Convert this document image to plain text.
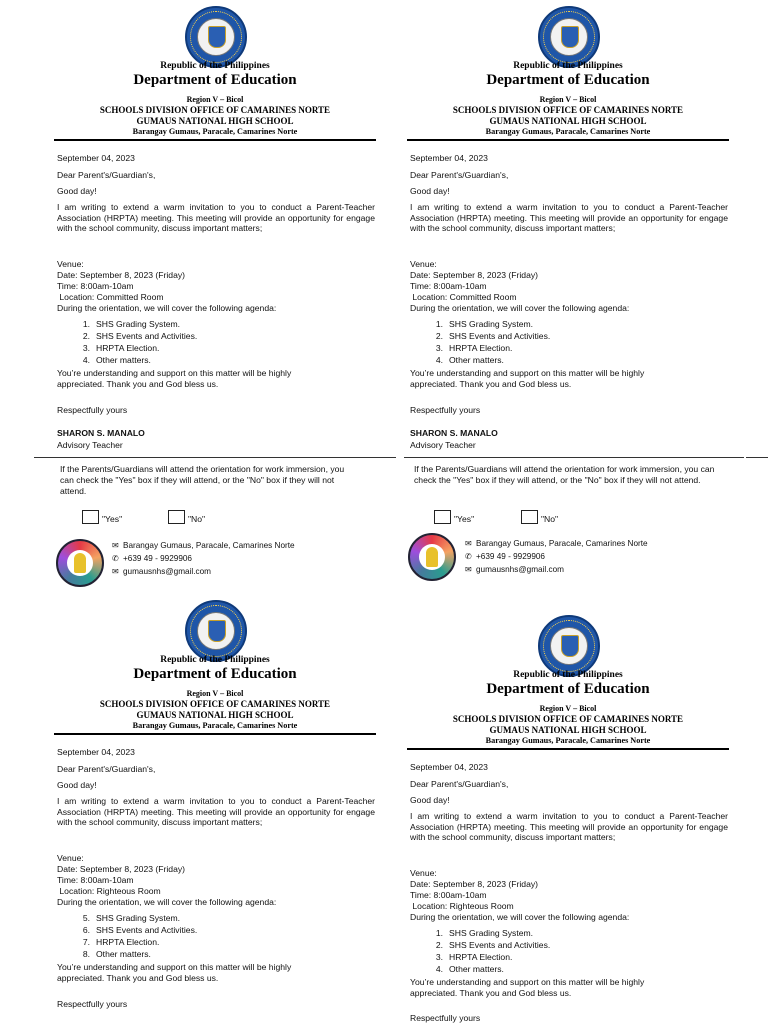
Republic of the Philippines
Department of Education
Region V – Bicol
SCHOOLS DIVISION OFFICE OF CAMARINES NORTE
GUMAUS NATIONAL HIGH SCHOOL
Barangay Gumaus, Paracale, Camarines Norte
September 04, 2023
Dear Parent's/Guardian's,
Good day!
I am writing to extend a warm invitation to you to conduct a Parent-Teacher Association (HRPTA) meeting. This meeting will provide an opportunity for engage with the school community, discuss important matters;
Venue:
Date: September 8, 2023 (Friday)
Time: 8:00am-10am
Location: Committed Room
During the orientation, we will cover the following agenda:
1. SHS Grading System.
2. SHS Events and Activities.
3. HRPTA Election.
4. Other matters.
You’re understanding and support on this matter will be highly appreciated. Thank you and God bless us.
Respectfully yours
SHARON S. MANALO
Advisory Teacher
If the Parents/Guardians will attend the orientation for work immersion, you can check the "Yes" box if they will attend, or the "No" box if they will not attend.
"Yes"	"No"
✉ Barangay Gumaus, Paracale, Camarines Norte
✆ +639 49 - 9929906
✉ gumausnhs@gmail.com
Republic of the Philippines
Department of Education
Region V – Bicol
SCHOOLS DIVISION OFFICE OF CAMARINES NORTE
GUMAUS NATIONAL HIGH SCHOOL
Barangay Gumaus, Paracale, Camarines Norte
September 04, 2023
Dear Parent's/Guardian's,
Good day!
I am writing to extend a warm invitation to you to conduct a Parent-Teacher Association (HRPTA) meeting. This meeting will provide an opportunity for engage with the school community, discuss important matters;
Venue:
Date: September 8, 2023 (Friday)
Time: 8:00am-10am
Location: Committed Room
During the orientation, we will cover the following agenda:
1. SHS Grading System.
2. SHS Events and Activities.
3. HRPTA Election.
4. Other matters.
You’re understanding and support on this matter will be highly appreciated. Thank you and God bless us.
Respectfully yours
SHARON S. MANALO
Advisory Teacher
If the Parents/Guardians will attend the orientation for work immersion, you can check the "Yes" box if they will attend, or the "No" box if they will not attend.
"Yes"	"No"
✉ Barangay Gumaus, Paracale, Camarines Norte
✆ +639 49 - 9929906
✉ gumausnhs@gmail.com
Republic of the Philippines
Department of Education
Region V – Bicol
SCHOOLS DIVISION OFFICE OF CAMARINES NORTE
GUMAUS NATIONAL HIGH SCHOOL
Barangay Gumaus, Paracale, Camarines Norte
September 04, 2023
Dear Parent's/Guardian's,
Good day!
I am writing to extend a warm invitation to you to conduct a Parent-Teacher Association (HRPTA) meeting. This meeting will provide an opportunity for engage with the school community, discuss important matters;
Venue:
Date: September 8, 2023 (Friday)
Time: 8:00am-10am
Location: Righteous Room
During the orientation, we will cover the following agenda:
5. SHS Grading System.
6. SHS Events and Activities.
7. HRPTA Election.
8. Other matters.
You’re understanding and support on this matter will be highly appreciated. Thank you and God bless us.
Respectfully yours
Republic of the Philippines
Department of Education
Region V – Bicol
SCHOOLS DIVISION OFFICE OF CAMARINES NORTE
GUMAUS NATIONAL HIGH SCHOOL
Barangay Gumaus, Paracale, Camarines Norte
September 04, 2023
Dear Parent's/Guardian's,
Good day!
I am writing to extend a warm invitation to you to conduct a Parent-Teacher Association (HRPTA) meeting. This meeting will provide an opportunity for engage with the school community, discuss important matters;
Venue:
Date: September 8, 2023 (Friday)
Time: 8:00am-10am
Location: Righteous Room
During the orientation, we will cover the following agenda:
1. SHS Grading System.
2. SHS Events and Activities.
3. HRPTA Election.
4. Other matters.
You’re understanding and support on this matter will be highly appreciated. Thank you and God bless us.
Respectfully yours
